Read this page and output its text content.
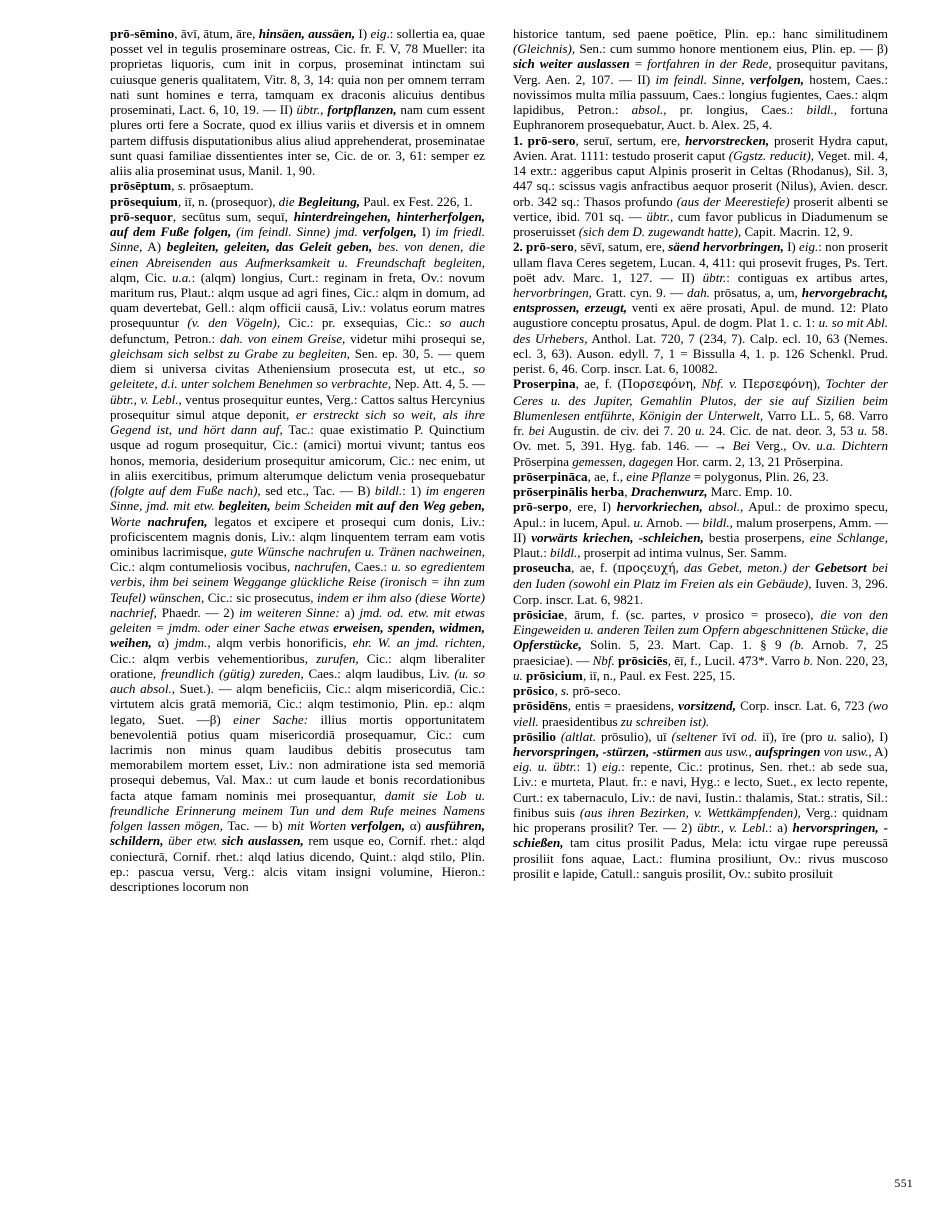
prō-sēmino, āvī, ātum, āre, hinsäen, aussäen, I) eig.: sollertia ea, quae posset vel in tegulis proseminare ostreas, Cic. fr. F. V, 78 Mueller: ita proprietas liquoris, cum init in corpus, proseminat intinctam sui cuiusque generis qualitatem, Vitr. 8, 3, 14: quia non per omnem terram nati sunt homines e terra, tamquam ex draconis alicuius dentibus proseminati, Lact. 6, 10, 19. — II) übtr., fortpflanzen, nam cum essent plures orti fere a Socrate, quod ex illius variis et diversis et in omnem partem diffusis disputationibus alius aliud apprehenderat, proseminatae sunt quasi familiae dissentientes inter se, Cic. de or. 3, 61: semper ez aliis alia proseminat usus, Manil. 1, 90.

prōsēptum, s. prōsaeptum.

prōsequium, iī, n. (prosequor), die Begleitung, Paul. ex Fest. 226, 1.

prō-sequor, secūtus sum, sequī, hinterdreingehen, hinterherfolgen, auf dem Fuße folgen, (im feindl. Sinne) jmd. verfolgen, I) im friedl. Sinne, A) begleiten, geleiten, das Geleit geben, bes. von denen, die einen Abreisenden aus Aufmerksamkeit u. Freundschaft begleiten, alqm, Cic. u.a.: (alqm) longius, Curt.: reginam in freta, Ov.: novum maritum rus, Plaut.: alqm usque ad agri fines, Cic.: alqm in domum, ad quam devertebat, Gell.: alqm officii causā, Liv.: volatus eorum matres prosequuntur (v. den Vögeln), Cic.: pr. exsequias, Cic.: so auch defunctum, Petron.: dah. von einem Greise, videtur mihi prosequi se, gleichsam sich selbst zu Grabe zu begleiten, Sen. ep. 30, 5. — quem diem si universa civitas Atheniensium prosecuta est, ut etc., so geleitete, d.i. unter solchem Benehmen so verbrachte, Nep. Att. 4, 5. — übtr., v. Lebl., ventus prosequitur euntes, Verg.: Cattos saltus Hercynius prosequitur simul atque deponit, er erstreckt sich so weit, als ihre Gegend ist, und hört dann auf, Tac.: quae existimatio P. Quinctium usque ad rogum prosequitur, Cic.: (amici) mortui vivunt; tantus eos honos, memoria, desiderium prosequitur amicorum, Cic.: nec enim, ut in aliis exercitibus, primum alterumque delictum venia prosequebatur (folgte auf dem Fuße nach), sed etc., Tac. — B) bildl.: 1) im engeren Sinne, jmd. mit etw. begleiten, beim Scheiden mit auf den Weg geben, Worte nachrufen, legatos et excipere et prosequi cum donis, Liv.: proficiscentem magnis donis, Liv.: alqm linquentem terram eam votis ominibus lacrimisque, gute Wünsche nachrufen u. Tränen nachweinen, Cic.: alqm contumeliosis vocibus, nachrufen, Caes.: u. so egredientem verbis, ihm bei seinem Weggange glückliche Reise (ironisch = ihn zum Teufel) wünschen, Cic.: sic prosecutus, indem er ihm also (diese Worte) nachrief, Phaedr. — 2) im weiteren Sinne: a) jmd. od. etw. mit etwas geleiten = jmdm. oder einer Sache etwas erweisen, spenden, widmen, weihen, α) jmdm., alqm verbis honorificis, ehr. W. an jmd. richten, Cic.: alqm verbis vehementioribus, zurufen, Cic.: alqm liberaliter oratione, freundlich (gütig) zureden, Caes.: alqm laudibus, Liv. (u. so auch absol., Suet.). — alqm beneficiis, Cic.: alqm misericordiā, Cic.: virtutem alcis gratā memoriā, Cic.: alqm testimonio, Plin. ep.: alqm legato, Suet. —β) einer Sache: illius mortis opportunitatem benevolentiā potius quam misericordiā prosequamur, Cic.: cum lacrimis non minus quam laudibus debitis prosecutus tam memorabilem mortem esset, Liv.: non admiratione ista sed memoriā prosequi debemus, Val. Max.: ut cum laude et bonis recordationibus facta atque famam nominis mei prosequantur, damit sie Lob u. freundliche Erinnerung meinem Tun und dem Rufe meines Namens folgen lassen mögen, Tac. — b) mit Worten verfolgen, α) ausführen, schildern, über etw. sich auslassen, rem usque eo, Cornif. rhet.: alqd coniecturā, Cornif. rhet.: alqd latius dicendo, Quint.: alqd stilo, Plin. ep.: pascua versu, Verg.: alcis vitam insigni volumine, Hieron.: descriptiones locorum non

historice tantum, sed paene poëtice, Plin. ep.: hanc similitudinem (Gleichnis), Sen.: cum summo honore mentionem eius, Plin. ep. — β) sich weiter auslassen = fortfahren in der Rede, prosequitur pavitans, Verg. Aen. 2, 107. — II) im feindl. Sinne, verfolgen, hostem, Caes.: novissimos multa mīlia passuum, Caes.: longius fugientes, Caes.: alqm lapidibus, Petron.: absol., pr. longius, Caes.: bildl., fortuna Euphranorem prosequebatur, Auct. b. Alex. 25, 4.

1. prō-sero, seruī, sertum, ere, hervorstrecken, proserit Hydra caput, Avien. Arat. 1111: testudo proserit caput (Ggstz. reducit), Veget. mil. 4, 14 extr.: aggeribus caput Alpinis proserit in Celtas (Rhodanus), Sil. 3, 447 sq.: scissus vagis anfractibus aequor proserit (Nilus), Avien. descr. orb. 342 sq.: Thasos profundo (aus der Meerestiefe) proserit albenti se vertice, ibid. 701 sq. — übtr., cum favor publicus in Diadumenum se proseruisset (sich dem D. zugewandt hatte), Capit. Macrin. 12, 9.

2. prō-sero, sēvī, satum, ere, säend hervorbringen, I) eig.: non proserit ullam flava Ceres segetem, Lucan. 4, 411: qui prosevit fruges, Ps. Tert. poët adv. Marc. 1, 127. — II) übtr.: contiguas ex artibus artes, hervorbringen, Gratt. cyn. 9. — dah. prōsatus, a, um, hervorgebracht, entsprossen, erzeugt, venti ex aëre prosati, Apul. de mund. 12: Plato augustiore conceptu prosatus, Apul. de dogm. Plat 1. c. 1: u. so mit Abl. des Urhebers, Anthol. Lat. 720, 7 (234, 7). Calp. ecl. 10, 63 (Nemes. ecl. 3, 63). Auson. edyll. 7, 1 = Bissulla 4, 1. p. 126 Schenkl. Prud. perist. 6, 46. Corp. inscr. Lat. 6, 10082.

Proserpina, ae, f. (Πορσεφόνη, Nbf. v. Περσεφόνη), Tochter der Ceres u. des Jupiter, Gemahlin Plutos, der sie auf Sizilien beim Blumenlesen entführte, Königin der Unterwelt, Varro LL. 5, 68. Varro fr. bei Augustin. de civ. dei 7. 20 u. 24. Cic. de nat. deor. 3, 53 u. 58. Ov. met. 5, 391. Hyg. fab. 146. — → Bei Verg., Ov. u.a. Dichtern Prōserpina gemessen, dagegen Hor. carm. 2, 13, 21 Prŏserpina.

prōserpināca, ae, f., eine Pflanze = polygonus, Plin. 26, 23.

prōserpinālis herba, Drachenwurz, Marc. Emp. 10.

prō-serpo, ere, I) hervorkriechen, absol., Apul.: de proximo specu, Apul.: in lucem, Apul. u. Arnob. — bildl., malum proserpens, Amm. — II) vorwärts kriechen, -schleichen, bestia proserpens, eine Schlange, Plaut.: bildl., proserpit ad intima vulnus, Ser. Samm.

proseucha, ae, f. (προςευχή, das Gebet, meton.) der Gebetsort bei den Iuden (sowohl ein Platz im Freien als ein Gebäude), Iuven. 3, 296. Corp. inscr. Lat. 6, 9821.

prōsiciae, ārum, f. (sc. partes, v prosico = proseco), die von den Eingeweiden u. anderen Teilen zum Opfern abgeschnittenen Stücke, die Opferstücke, Solin. 5, 23. Mart. Cap. 1. § 9 (b. Arnob. 7, 25 praesiciae). — Nbf. prōsiciēs, ēī, f., Lucil. 473*. Varro b. Non. 220, 23, u. prōsicium, iī, n., Paul. ex Fest. 225, 15.

prōsico, s. prō-seco.

prōsidēns, entis = praesidens, vorsitzend, Corp. inscr. Lat. 6, 723 (wo viell. praesidentibus zu schreiben ist).

prōsilio (altlat. prōsulio), uī (seltener īvī od. iī), īre (pro u. salio), I) hervorspringen, -stürzen, -stürmen aus usw., aufspringen von usw., A) eig. u. übtr.: 1) eig.: repente, Cic.: protinus, Sen. rhet.: ab sede sua, Liv.: e murteta, Plaut. fr.: e navi, Hyg.: e lecto, Suet., ex lecto repente, Curt.: ex tabernaculo, Liv.: de navi, Iustin.: thalamis, Stat.: stratis, Sil.: finibus suis (aus ihren Bezirken, v. Wettkämpfenden), Verg.: quidnam hic properans prosilit? Ter. — 2) übtr., v. Lebl.: a) hervorspringen, -schießen, tam citus prosilit Padus, Mela: ictu virgae rupe pereussā prosiliit fons aquae, Lact.: flumina prosiliunt, Ov.: rivus muscoso prosilit e lapide, Catull.: sanguis prosilit, Ov.: subito prosiluit

551
